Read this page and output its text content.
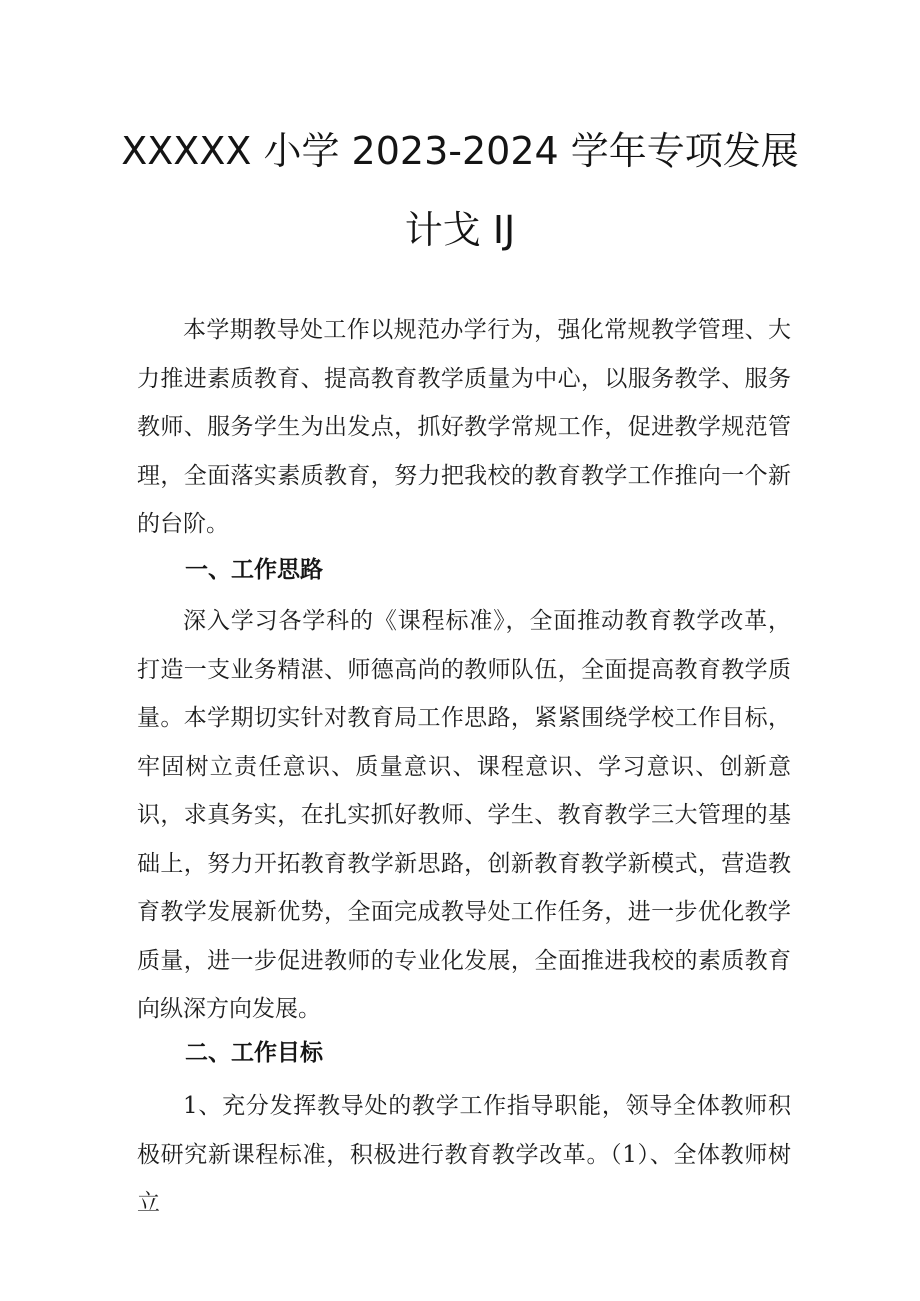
XXXXX 小学 2023-2024 学年专项发展
计戈 IJ

本学期教导处工作以规范办学行为，强化常规教学管理、大力推进素质教育、提高教育教学质量为中心，以服务教学、服务教师、服务学生为出发点，抓好教学常规工作，促进教学规范管理，全面落实素质教育，努力把我校的教育教学工作推向一个新的台阶。

一、工作思路

深入学习各学科的《课程标准》，全面推动教育教学改革，打造一支业务精湛、师德高尚的教师队伍，全面提高教育教学质量。本学期切实针对教育局工作思路，紧紧围绕学校工作目标，牢固树立责任意识、质量意识、课程意识、学习意识、创新意识，求真务实，在扎实抓好教师、学生、教育教学三大管理的基础上，努力开拓教育教学新思路，创新教育教学新模式，营造教育教学发展新优势，全面完成教导处工作任务，进一步优化教学质量，进一步促进教师的专业化发展，全面推进我校的素质教育向纵深方向发展。

二、工作目标

1、充分发挥教导处的教学工作指导职能，领导全体教师积极研究新课程标准，积极进行教育教学改革。（1）、全体教师树立
